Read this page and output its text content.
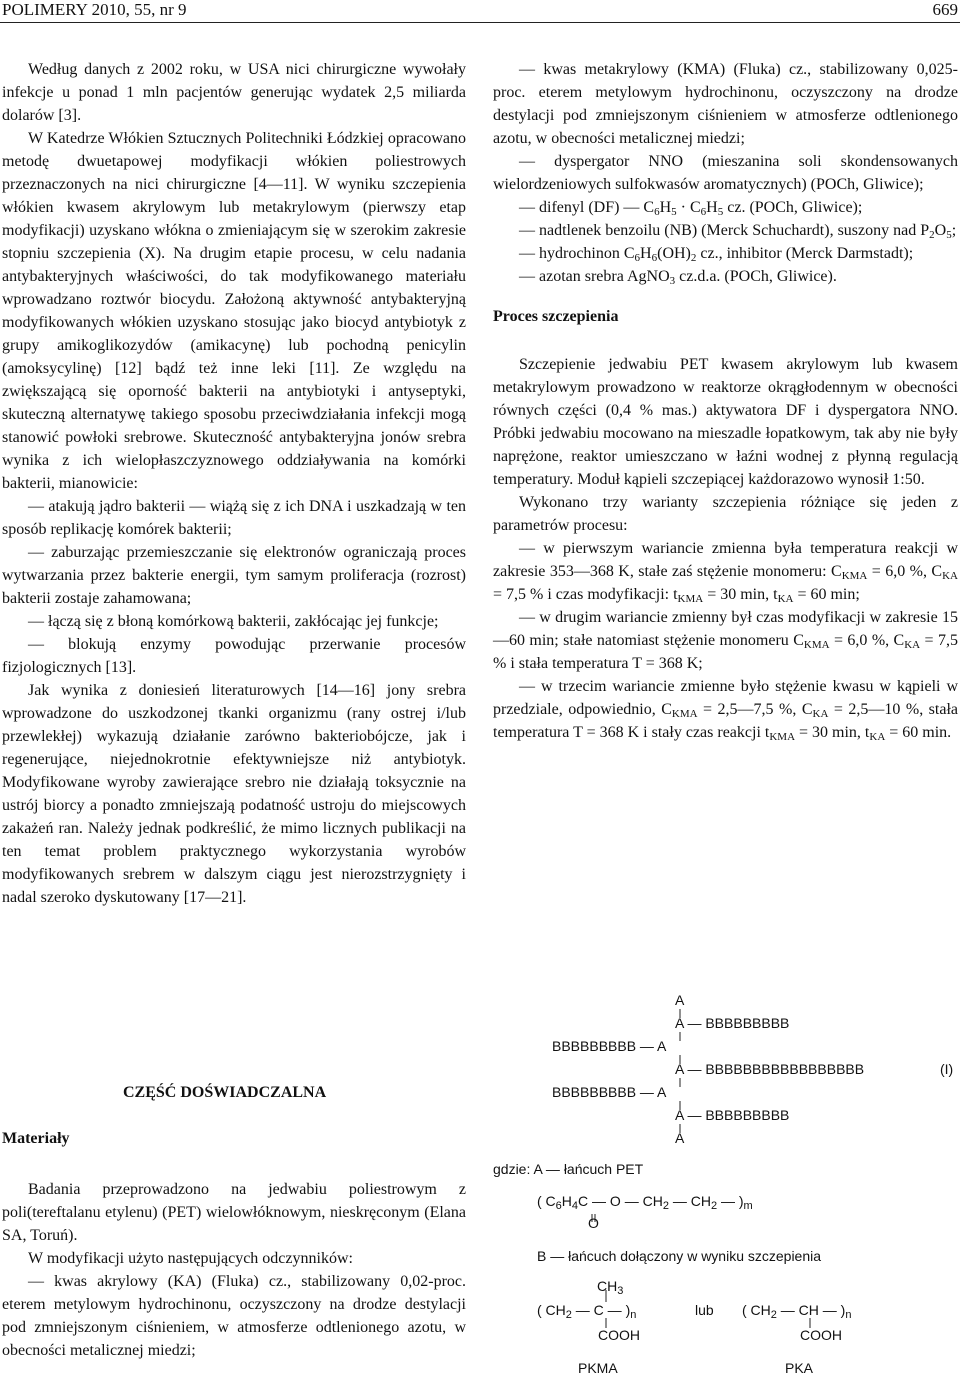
POLIMERY 2010, 55, nr 9	669

Według danych z 2002 roku, w USA nici chirurgiczne wywołały infekcje u ponad 1 mln pacjentów generując wydatek 2,5 miliarda dolarów [3].

W Katedrze Włókien Sztucznych Politechniki Łódzkiej opracowano metodę dwuetapowej modyfikacji włókien poliestrowych przeznaczonych na nici chirurgiczne [4—11]. W wyniku szczepienia włókien kwasem akrylowym lub metakrylowym (pierwszy etap modyfikacji) uzyskano włókna o zmieniającym się w szerokim zakresie stopniu szczepienia (X). Na drugim etapie procesu, w celu nadania antybakteryjnych właściwości, do tak modyfikowanego materiału wprowadzano roztwór biocydu. Założoną aktywność antybakteryjną modyfikowanych włókien uzyskano stosując jako biocyd antybiotyk z grupy amikoglikozydów (amikacynę) lub pochodną penicylin (amoksycylinę) [12] bądź też inne leki [11]. Ze względu na zwiększającą się oporność bakterii na antybiotyki i antyseptyki, skuteczną alternatywę takiego sposobu przeciwdziałania infekcji mogą stanowić powłoki srebrowe. Skuteczność antybakteryjna jonów srebra wynika z ich wielopłaszczyznowego oddziaływania na komórki bakterii, mianowicie:

— atakują jądro bakterii — wiążą się z ich DNA i uszkadzają w ten sposób replikację komórek bakterii;

— zaburzając przemieszczanie się elektronów ograniczają proces wytwarzania przez bakterie energii, tym samym proliferacja (rozrost) bakterii zostaje zahamowana;

— łączą się z błoną komórkową bakterii, zakłócając jej funkcje;

— blokują enzymy powodując przerwanie procesów fizjologicznych [13].

Jak wynika z doniesień literaturowych [14—16] jony srebra wprowadzone do uszkodzonej tkanki organizmu (rany ostrej i/lub przewlekłej) wykazują działanie zarówno bakteriobójcze, jak i regenerujące, niejednokrotnie efektywniejsze niż antybiotyk. Modyfikowane wyroby zawierające srebro nie działają toksycznie na ustrój biorcy a ponadto zmniejszają podatność ustroju do miejscowych zakażeń ran. Należy jednak podkreślić, że mimo licznych publikacji na ten temat problem praktycznego wykorzystania wyrobów modyfikowanych srebrem w dalszym ciągu jest nierozstrzygnięty i nadal szeroko dyskutowany [17—21].

CZĘŚĆ DOŚWIADCZALNA
Materiały

Badania przeprowadzono na jedwabiu poliestrowym z poli(tereftalanu etylenu) (PET) wielowłóknowym, nieskręconym (Elana SA, Toruń).

W modyfikacji użyto następujących odczynników:

— kwas akrylowy (KA) (Fluka) cz., stabilizowany 0,02-proc. eterem metylowym hydrochinonu, oczyszczony na drodze destylacji pod zmniejszonym ciśnieniem, w atmosferze odtlenionego azotu, w obecności metalicznej miedzi;

— kwas metakrylowy (KMA) (Fluka) cz., stabilizowany 0,025-proc. eterem metylowym hydrochinonu, oczyszczony na drodze destylacji pod zmniejszonym ciśnieniem w atmosferze odtlenionego azotu, w obecności metalicznej miedzi;

— dyspergator NNO (mieszanina soli skondensowanych wielordzeniowych sulfokwasów aromatycznych) (POCh, Gliwice);

— difenyl (DF) — $C_6H_5 \cdot C_6H_5$ cz. (POCh, Gliwice);

— nadtlenek benzoilu (NB) (Merck Schuchardt), suszony nad $P_2O_5$;

— hydrochinon $C_6H_6(OH)_2$ cz., inhibitor (Merck Darmstadt);

— azotan srebra AgNO$_3$ cz.d.a. (POCh, Gliwice).

Proces szczepienia

Szczepienie jedwabiu PET kwasem akrylowym lub kwasem metakrylowym prowadzono w reaktorze okrągłodennym w obecności równych części (0,4 % mas.) aktywatora DF i dyspergatora NNO. Próbki jedwabiu mocowano na mieszadle łopatkowym, tak aby nie były naprężone, reaktor umieszczano w łaźni wodnej z płynną regulacją temperatury. Moduł kąpieli szczepiącej każdorazowo wynosił 1:50.

Wykonano trzy warianty szczepienia różniące się jeden z parametrów procesu:

— w pierwszym wariancie zmienna była temperatura reakcji w zakresie 353—368 K, stałe zaś stężenie monomeru: $C_{KMA} = 6,0$ %, $C_{KA} = 7,5$ % i czas modyfikacji: $t_{KMA} = 30$ min, $t_{KA} = 60$ min;

— w drugim wariancie zmienny był czas modyfikacji w zakresie 15—60 min; stałe natomiast stężenie monomeru $C_{KMA} = 6,0$ %, $C_{KA} = 7,5$ % i stała temperatura T = 368 K;

— w trzecim wariancie zmienne było stężenie kwasu w kąpieli w przedziale, odpowiednio, $C_{KMA}$ = 2,5—7,5 %, $C_{KA}$ = 2,5—10 %, stała temperatura T = 368 K i stały czas reakcji $t_{KMA} = 30$ min, $t_{KA} = 60$ min.

A
A — BBBBBBBBB
BBBBBBBBB — A
A — BBBBBBBBBBBBBBBBB	(I)
BBBBBBBBB — A
A — BBBBBBBBB
A
gdzie: A — łańcuch PET
( $C_6H_4C$ — O — $CH_2$ — $CH_2$ — )$_m$
O
B — łańcuch dołączony w wyniku szczepienia
$CH_3$
( $CH_2$ — C — )$_n$
COOH
PKMA
lub ( $CH_2$ — CH — )$_n$
COOH
PKA
